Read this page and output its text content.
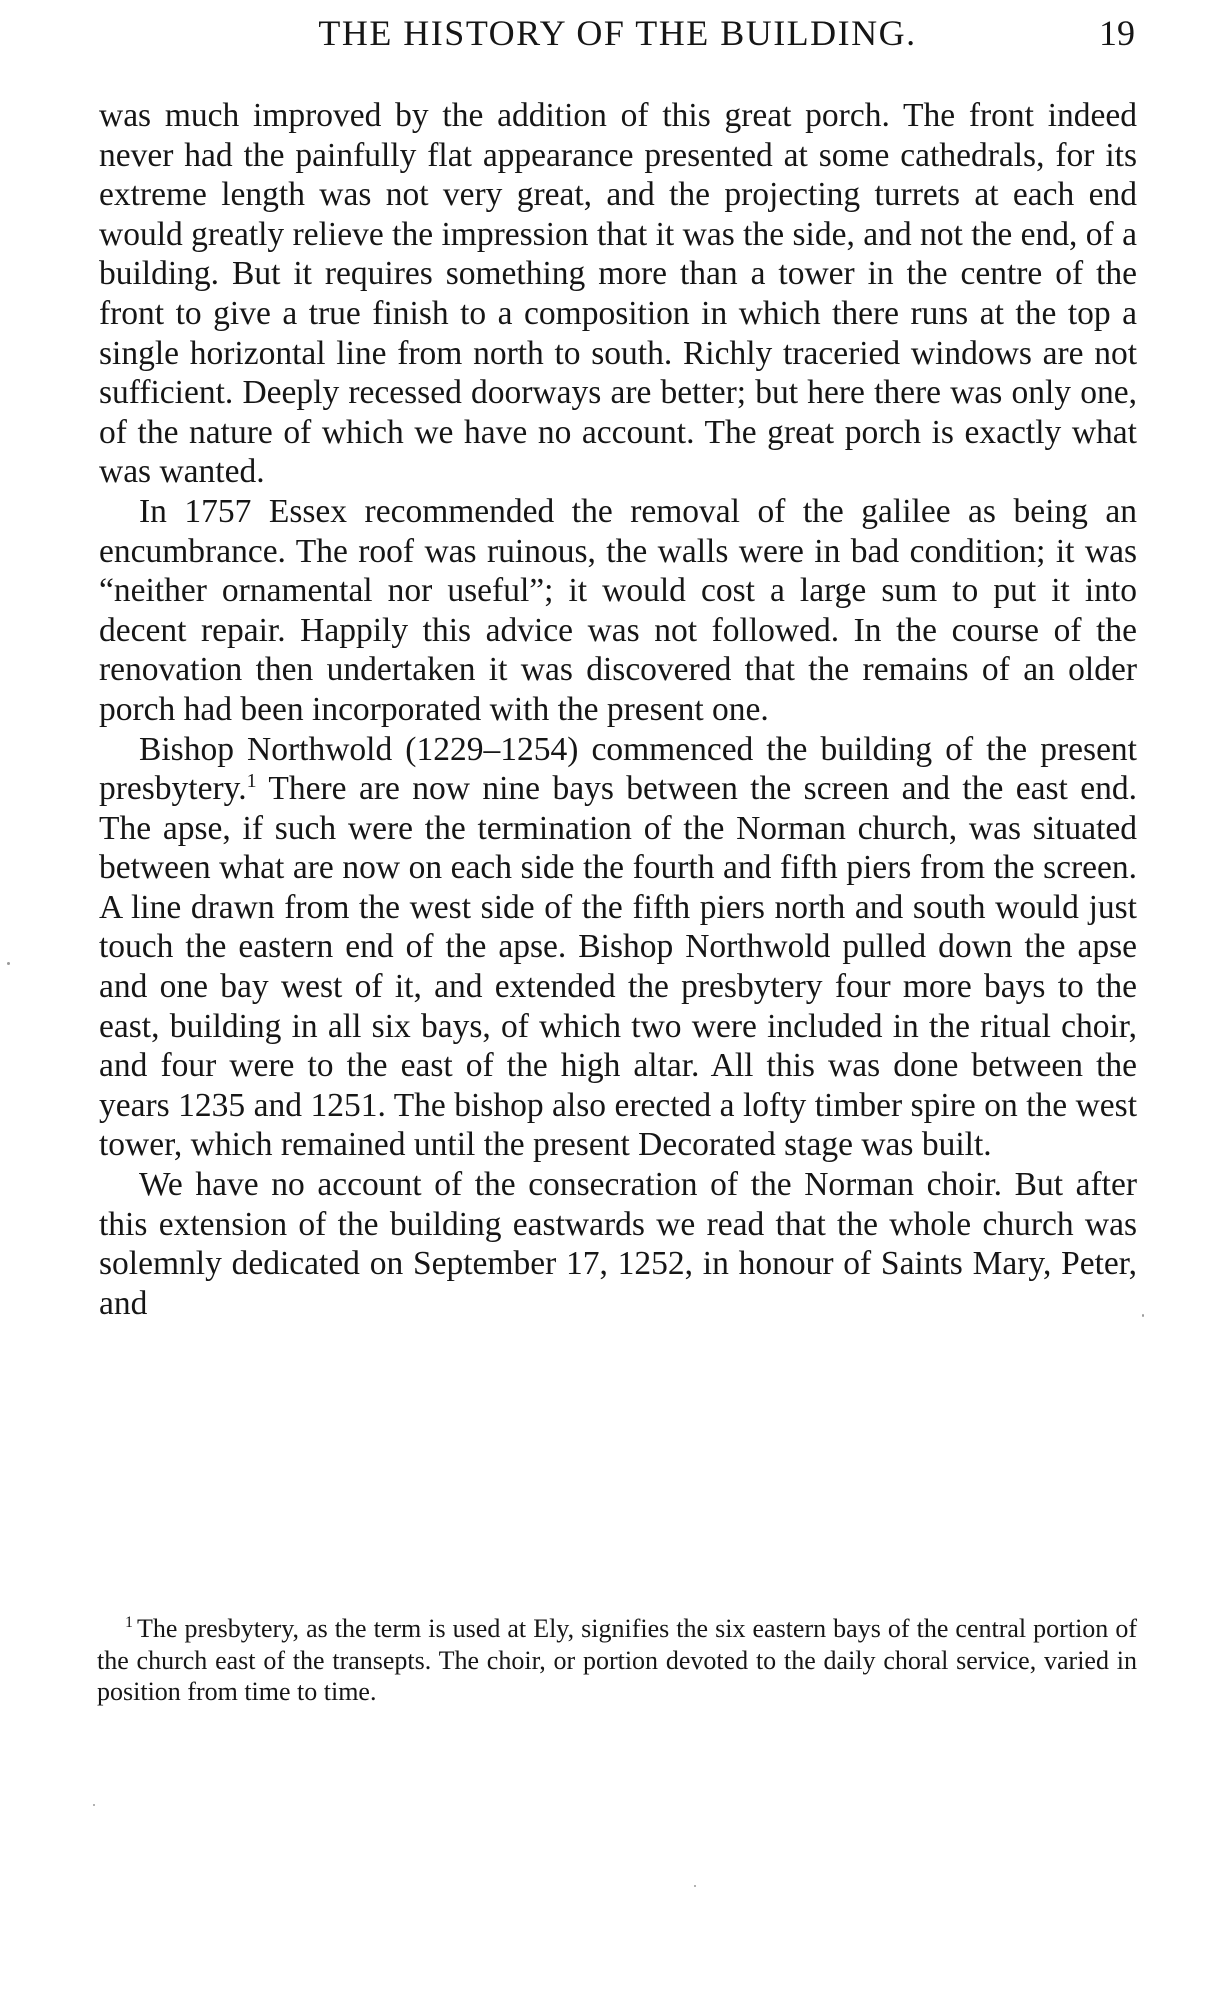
THE HISTORY OF THE BUILDING.	19

was much improved by the addition of this great porch. The front indeed never had the painfully flat appearance presented at some cathedrals, for its extreme length was not very great, and the projecting turrets at each end would greatly relieve the impression that it was the side, and not the end, of a building. But it requires something more than a tower in the centre of the front to give a true finish to a composition in which there runs at the top a single horizontal line from north to south. Richly traceried windows are not sufficient. Deeply recessed doorways are better; but here there was only one, of the nature of which we have no account. The great porch is exactly what was wanted.

In 1757 Essex recommended the removal of the galilee as being an encumbrance. The roof was ruinous, the walls were in bad condition; it was “neither ornamental nor useful”; it would cost a large sum to put it into decent repair. Happily this advice was not followed. In the course of the renovation then undertaken it was discovered that the remains of an older porch had been incorporated with the present one.

Bishop Northwold (1229–1254) commenced the building of the present presbytery.$^1$ There are now nine bays between the screen and the east end. The apse, if such were the termination of the Norman church, was situated between what are now on each side the fourth and fifth piers from the screen. A line drawn from the west side of the fifth piers north and south would just touch the eastern end of the apse. Bishop Northwold pulled down the apse and one bay west of it, and extended the presbytery four more bays to the east, building in all six bays, of which two were included in the ritual choir, and four were to the east of the high altar. All this was done between the years 1235 and 1251. The bishop also erected a lofty timber spire on the west tower, which remained until the present Decorated stage was built.

We have no account of the consecration of the Norman choir. But after this extension of the building eastwards we read that the whole church was solemnly dedicated on September 17, 1252, in honour of Saints Mary, Peter, and

$^1$ The presbytery, as the term is used at Ely, signifies the six eastern bays of the central portion of the church east of the transepts. The choir, or portion devoted to the daily choral service, varied in position from time to time.
